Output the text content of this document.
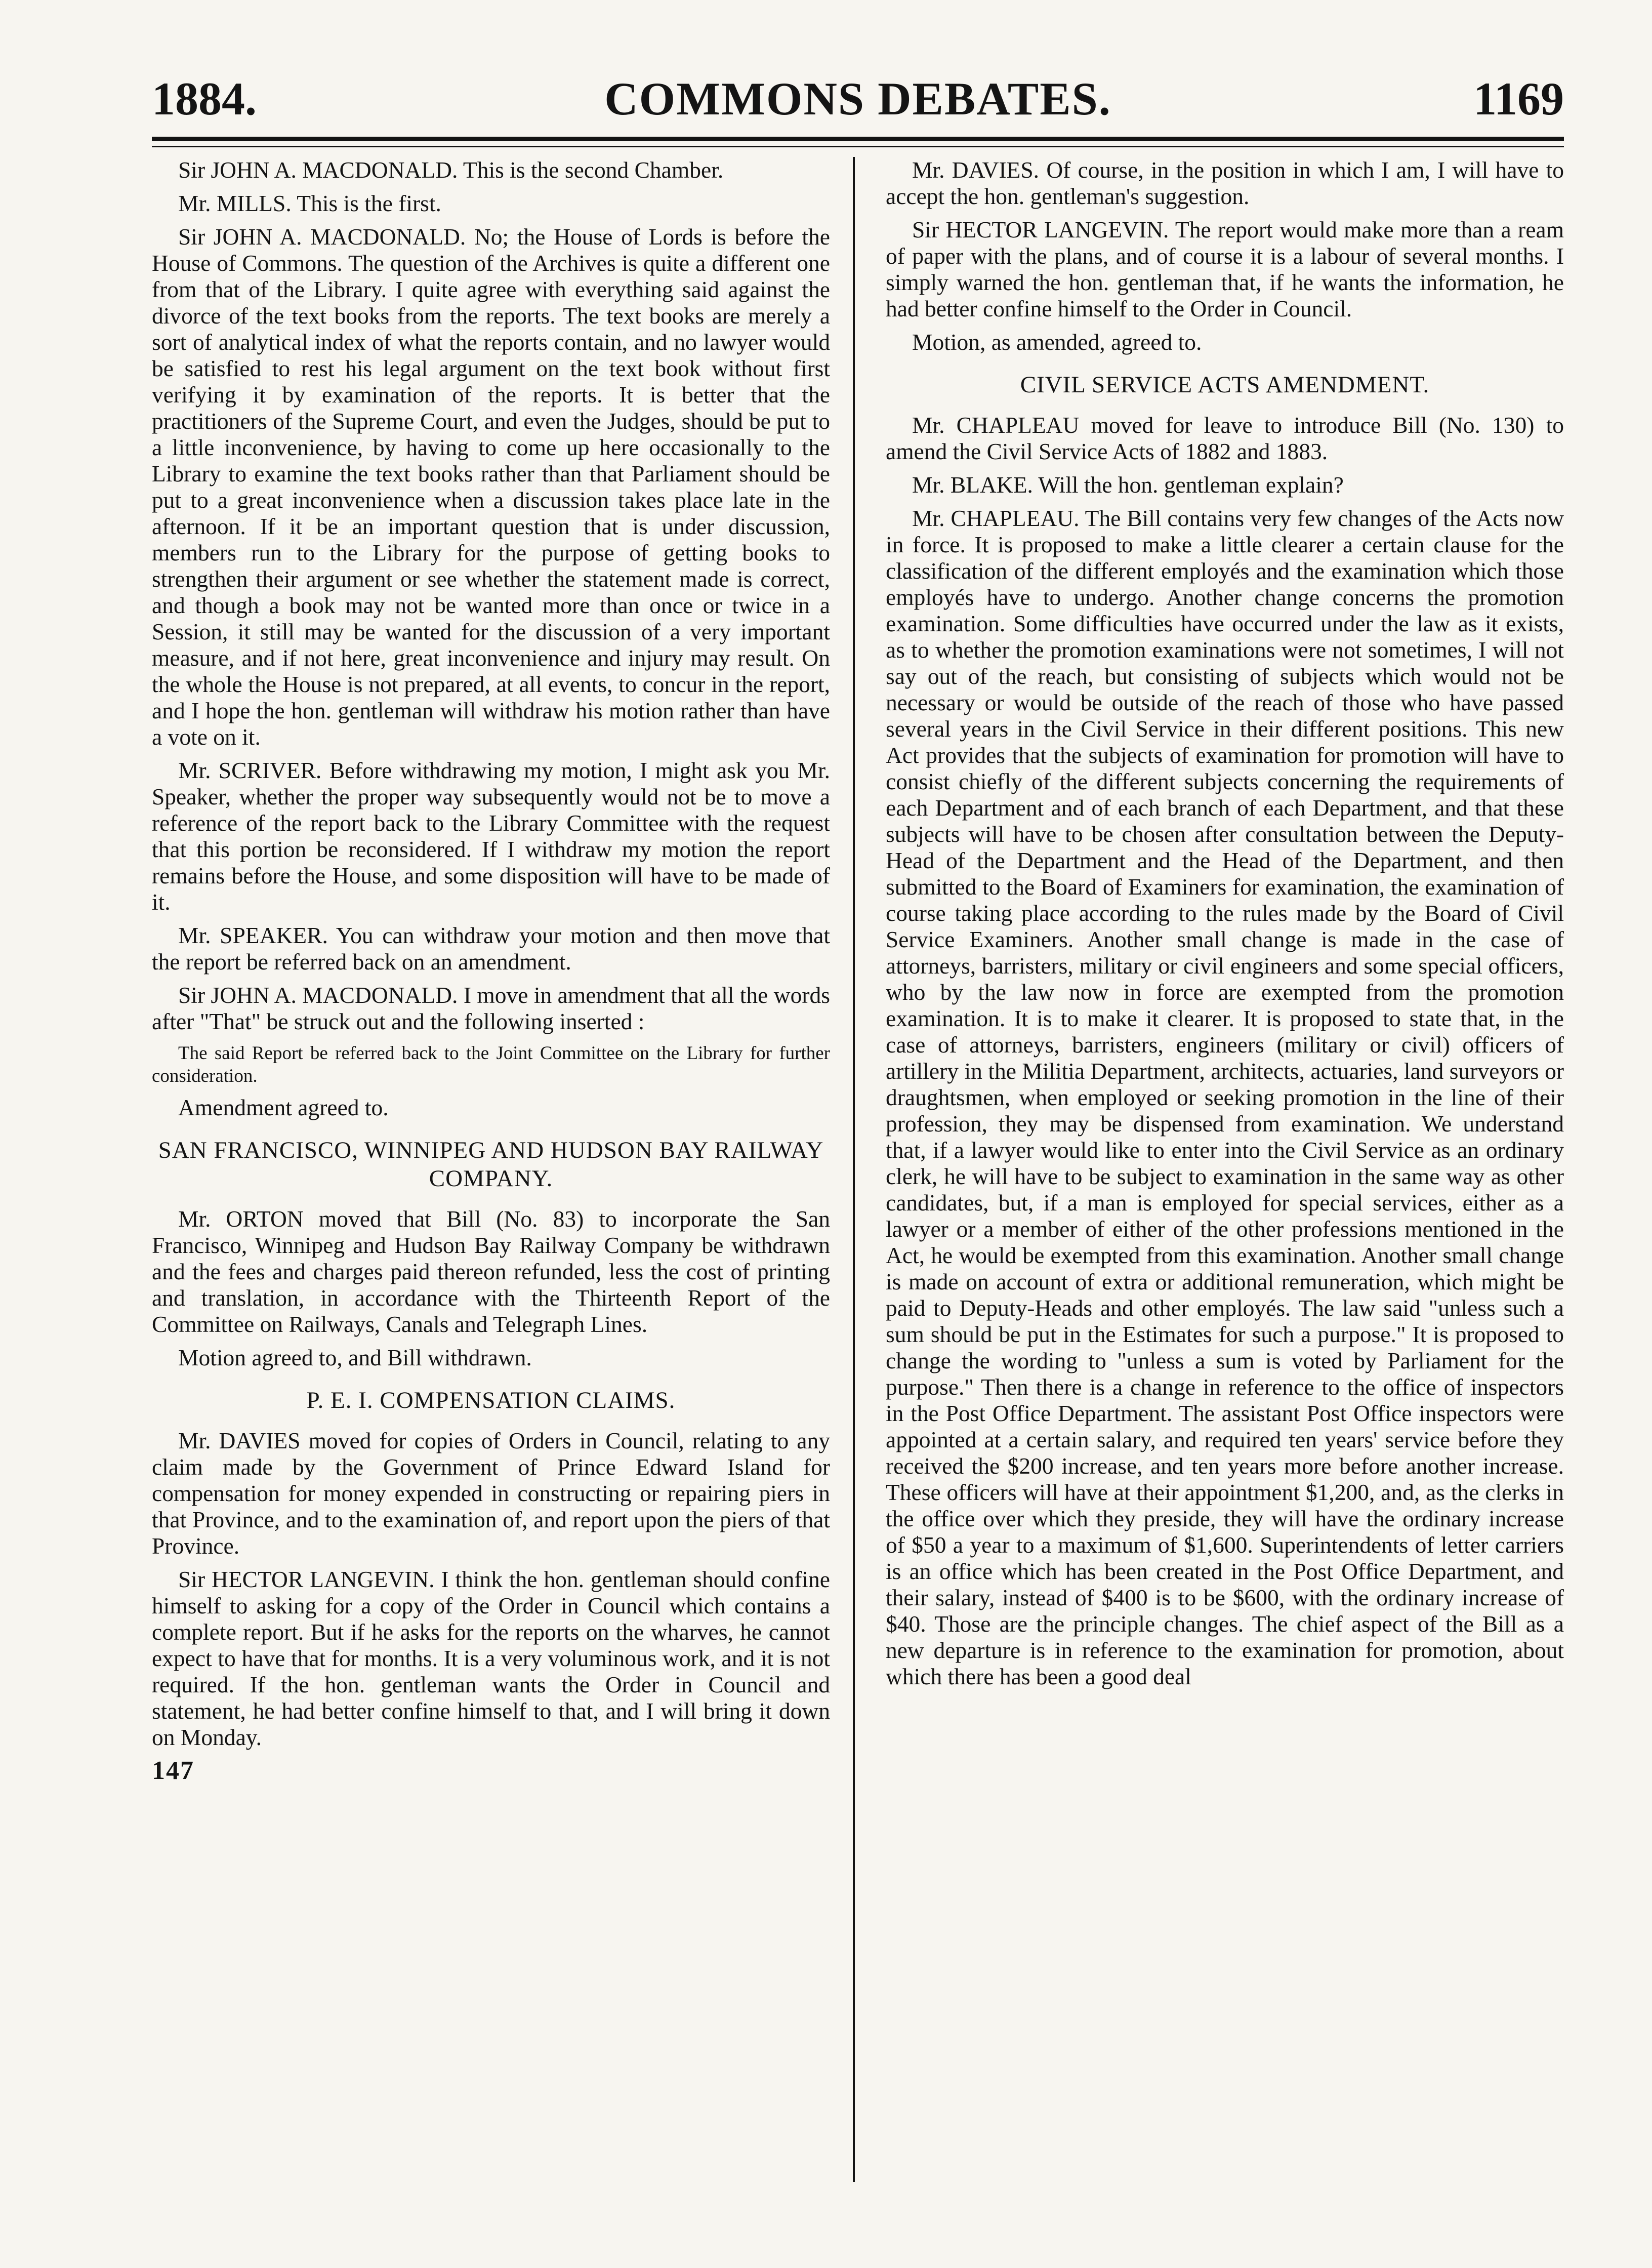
1884.	COMMONS DEBATES.	1169

Sir JOHN A. MACDONALD. This is the second Chamber.

Mr. MILLS. This is the first.

Sir JOHN A. MACDONALD. No; the House of Lords is before the House of Commons. The question of the Archives is quite a different one from that of the Library. I quite agree with everything said against the divorce of the text books from the reports. The text books are merely a sort of analytical index of what the reports contain, and no lawyer would be satisfied to rest his legal argument on the text book without first verifying it by examination of the reports. It is better that the practitioners of the Supreme Court, and even the Judges, should be put to a little inconvenience, by having to come up here occasionally to the Library to examine the text books rather than that Parliament should be put to a great inconvenience when a discussion takes place late in the afternoon. If it be an important question that is under discussion, members run to the Library for the purpose of getting books to strengthen their argument or see whether the statement made is correct, and though a book may not be wanted more than once or twice in a Session, it still may be wanted for the discussion of a very important measure, and if not here, great inconvenience and injury may result. On the whole the House is not prepared, at all events, to concur in the report, and I hope the hon. gentleman will withdraw his motion rather than have a vote on it.

Mr. SCRIVER. Before withdrawing my motion, I might ask you Mr. Speaker, whether the proper way subsequently would not be to move a reference of the report back to the Library Committee with the request that this portion be reconsidered. If I withdraw my motion the report remains before the House, and some disposition will have to be made of it.

Mr. SPEAKER. You can withdraw your motion and then move that the report be referred back on an amendment.

Sir JOHN A. MACDONALD. I move in amendment that all the words after "That" be struck out and the following inserted :

The said Report be referred back to the Joint Committee on the Library for further consideration.

Amendment agreed to.

SAN FRANCISCO, WINNIPEG AND HUDSON BAY RAILWAY COMPANY.

Mr. ORTON moved that Bill (No. 83) to incorporate the San Francisco, Winnipeg and Hudson Bay Railway Company be withdrawn and the fees and charges paid thereon refunded, less the cost of printing and translation, in accordance with the Thirteenth Report of the Committee on Railways, Canals and Telegraph Lines.

Motion agreed to, and Bill withdrawn.

P. E. I. COMPENSATION CLAIMS.

Mr. DAVIES moved for copies of Orders in Council, relating to any claim made by the Government of Prince Edward Island for compensation for money expended in constructing or repairing piers in that Province, and to the examination of, and report upon the piers of that Province.

Sir HECTOR LANGEVIN. I think the hon. gentleman should confine himself to asking for a copy of the Order in Council which contains a complete report. But if he asks for the reports on the wharves, he cannot expect to have that for months. It is a very voluminous work, and it is not required. If the hon. gentleman wants the Order in Council and statement, he had better confine himself to that, and I will bring it down on Monday.

147

Mr. DAVIES. Of course, in the position in which I am, I will have to accept the hon. gentleman's suggestion.

Sir HECTOR LANGEVIN. The report would make more than a ream of paper with the plans, and of course it is a labour of several months. I simply warned the hon. gentleman that, if he wants the information, he had better confine himself to the Order in Council.

Motion, as amended, agreed to.

CIVIL SERVICE ACTS AMENDMENT.

Mr. CHAPLEAU moved for leave to introduce Bill (No. 130) to amend the Civil Service Acts of 1882 and 1883.

Mr. BLAKE. Will the hon. gentleman explain?

Mr. CHAPLEAU. The Bill contains very few changes of the Acts now in force. It is proposed to make a little clearer a certain clause for the classification of the different employés and the examination which those employés have to undergo. Another change concerns the promotion examination. Some difficulties have occurred under the law as it exists, as to whether the promotion examinations were not sometimes, I will not say out of the reach, but consisting of subjects which would not be necessary or would be outside of the reach of those who have passed several years in the Civil Service in their different positions. This new Act provides that the subjects of examination for promotion will have to consist chiefly of the different subjects concerning the requirements of each Department and of each branch of each Department, and that these subjects will have to be chosen after consultation between the Deputy-Head of the Department and the Head of the Department, and then submitted to the Board of Examiners for examination, the examination of course taking place according to the rules made by the Board of Civil Service Examiners. Another small change is made in the case of attorneys, barristers, military or civil engineers and some special officers, who by the law now in force are exempted from the promotion examination. It is to make it clearer. It is proposed to state that, in the case of attorneys, barristers, engineers (military or civil) officers of artillery in the Militia Department, architects, actuaries, land surveyors or draughtsmen, when employed or seeking promotion in the line of their profession, they may be dispensed from examination. We understand that, if a lawyer would like to enter into the Civil Service as an ordinary clerk, he will have to be subject to examination in the same way as other candidates, but, if a man is employed for special services, either as a lawyer or a member of either of the other professions mentioned in the Act, he would be exempted from this examination. Another small change is made on account of extra or additional remuneration, which might be paid to Deputy-Heads and other employés. The law said "unless such a sum should be put in the Estimates for such a purpose." It is proposed to change the wording to "unless a sum is voted by Parliament for the purpose." Then there is a change in reference to the office of inspectors in the Post Office Department. The assistant Post Office inspectors were appointed at a certain salary, and required ten years' service before they received the $200 increase, and ten years more before another increase. These officers will have at their appointment $1,200, and, as the clerks in the office over which they preside, they will have the ordinary increase of $50 a year to a maximum of $1,600. Superintendents of letter carriers is an office which has been created in the Post Office Department, and their salary, instead of $400 is to be $600, with the ordinary increase of $40. Those are the principle changes. The chief aspect of the Bill as a new departure is in reference to the examination for promotion, about which there has been a good deal
